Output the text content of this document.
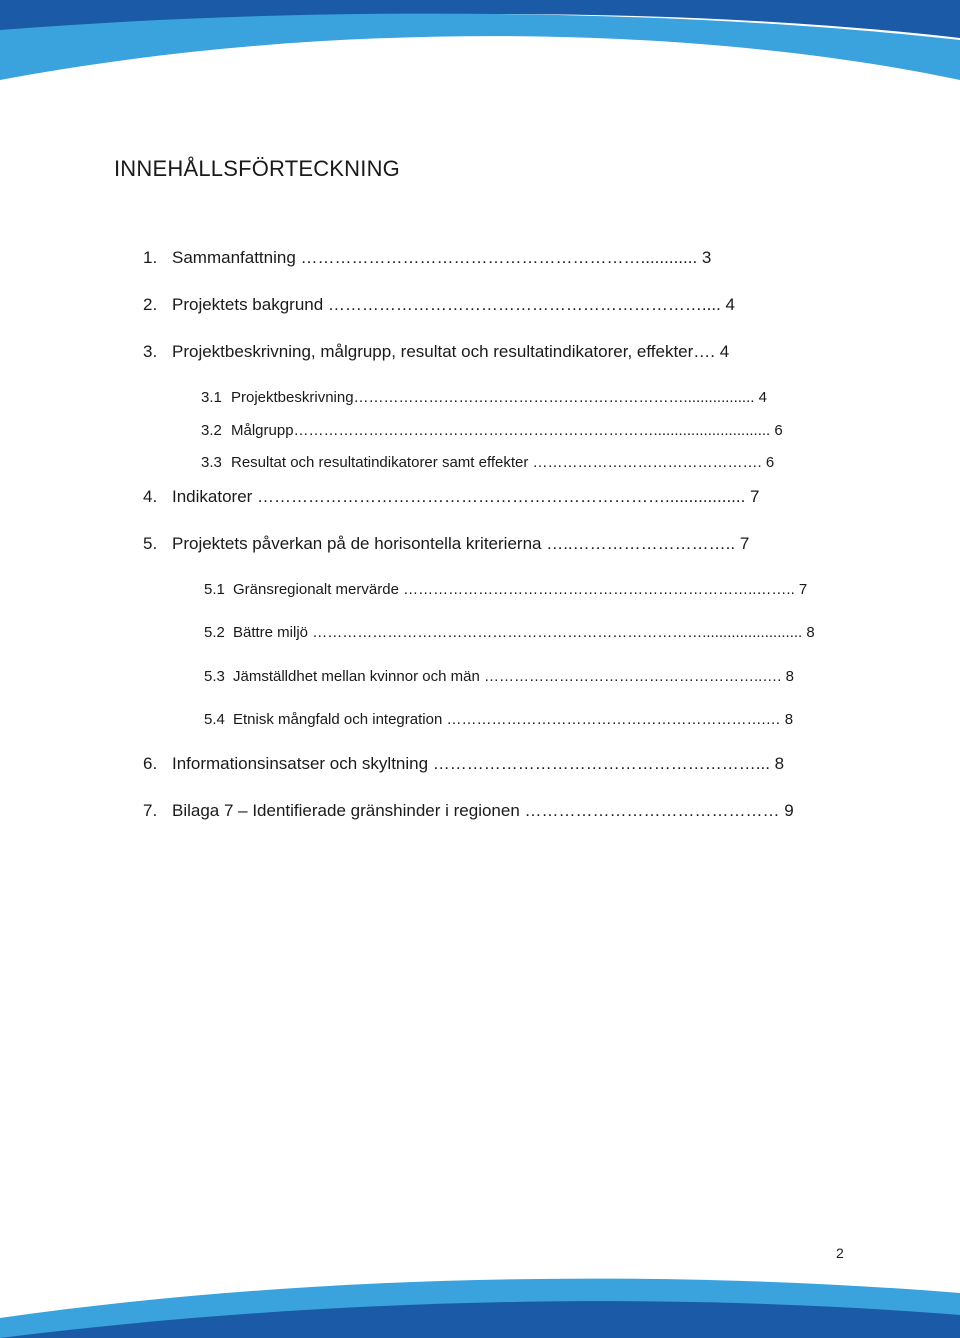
INNEHÅLLSFÖRTECKNING
1. Sammanfattning ……………………………………………………............ 3
2. Projektets bakgrund ………………………………………………………….... 4
3. Projektbeskrivning, målgrupp, resultat och resultatindikatorer, effekter…. 4
3.1 Projektbeskrivning…………………………………………………………................. 4
3.2 Målgrupp………………………………………………………………............................ 6
3.3 Resultat och resultatindikatorer samt effekter ………………………………………. 6
4. Indikatorer ………………………………………………………………................. 7
5. Projektets påverkan på de horisontella kriterierna …..……………………….. 7
5.1 Gränsregionalt mervärde ……………………………………………………………..…….. 7
5.2 Bättre miljö ……………………………………………………………………........................ 8
5.3 Jämställdhet mellan kvinnor och män ………………………………………………..…. 8
5.4 Etnisk mångfald och integration ……………………………………………………….… 8
6. Informationsinsatser och skyltning …………………………………………………... 8
7. Bilaga 7 – Identifierade gränshinder i regionen ……………………………………… 9
2
